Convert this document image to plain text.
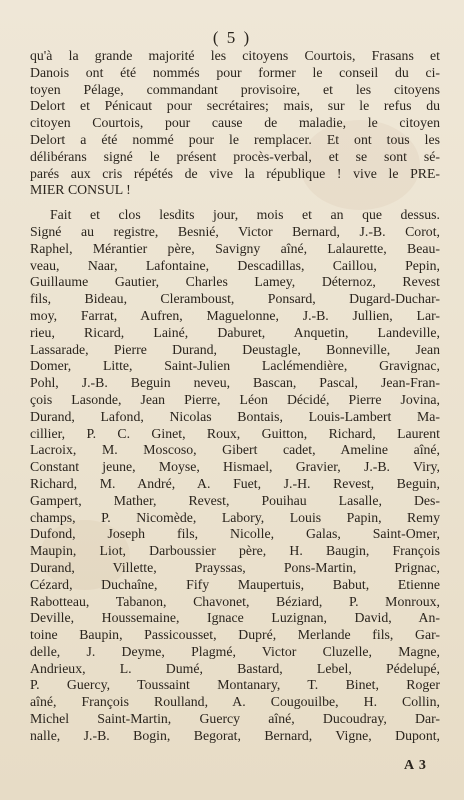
( 5 )
qu'à la grande majorité les citoyens Courtois, Frasans et
Danois ont été nommés pour former le conseil du ci-
toyen Pélage, commandant provisoire, et les citoyens
Delort et Pénicaut pour secrétaires; mais, sur le refus du
citoyen Courtois, pour cause de maladie, le citoyen
Delort a été nommé pour le remplacer. Et ont tous les
délibérans signé le présent procès-verbal, et se sont sé-
parés aux cris répétés de vive la république ! vive le PRE-
MIER CONSUL !
Fait et clos lesdits jour, mois et an que dessus.
Signé au registre, Besnié, Victor Bernard, J.-B. Corot,
Raphel, Mérantier père, Savigny aîné, Lalaurette, Beau-
veau, Naar, Lafontaine, Descadillas, Caillou, Pepin,
Guillaume Gautier, Charles Lamey, Déternoz, Revest
fils, Bideau, Cleramboust, Ponsard, Dugard-Duchar-
moy, Farrat, Aufren, Maguelonne, J.-B. Jullien, Lar-
rieu, Ricard, Lainé, Daburet, Anquetin, Landeville,
Lassarade, Pierre Durand, Deustagle, Bonneville, Jean
Domer, Litte, Saint-Julien Laclémendière, Gravignac,
Pohl, J.-B. Beguin neveu, Bascan, Pascal, Jean-Fran-
çois Lasonde, Jean Pierre, Léon Décidé, Pierre Jovina,
Durand, Lafond, Nicolas Bontais, Louis-Lambert Ma-
cillier, P. C. Ginet, Roux, Guitton, Richard, Laurent
Lacroix, M. Moscoso, Gibert cadet, Ameline aîné,
Constant jeune, Moyse, Hismael, Gravier, J.-B. Viry,
Richard, M. André, A. Fuet, J.-H. Revest, Beguin,
Gampert, Mather, Revest, Pouihau Lasalle, Des-
champs, P. Nicomède, Labory, Louis Papin, Remy
Dufond, Joseph fils, Nicolle, Galas, Saint-Omer,
Maupin, Liot, Darboussier père, H. Baugin, François
Durand, Villette, Prayssas, Pons-Martin, Prignac,
Cézard, Duchaîne, Fify Maupertuis, Babut, Etienne
Rabotteau, Tabanon, Chavonet, Béziard, P. Monroux,
Deville, Houssemaine, Ignace Luzignan, David, An-
toine Baupin, Passicousset, Dupré, Merlande fils, Gar-
delle, J. Deyme, Plagmé, Victor Cluzelle, Magne,
Andrieux, L. Dumé, Bastard, Lebel, Pédelupé,
P. Guercy, Toussaint Montanary, T. Binet, Roger
aîné, François Roulland, A. Cougouilbe, H. Collin,
Michel Saint-Martin, Guercy aîné, Ducoudray, Dar-
nalle, J.-B. Bogin, Begorat, Bernard, Vigne, Dupont,
A 3
